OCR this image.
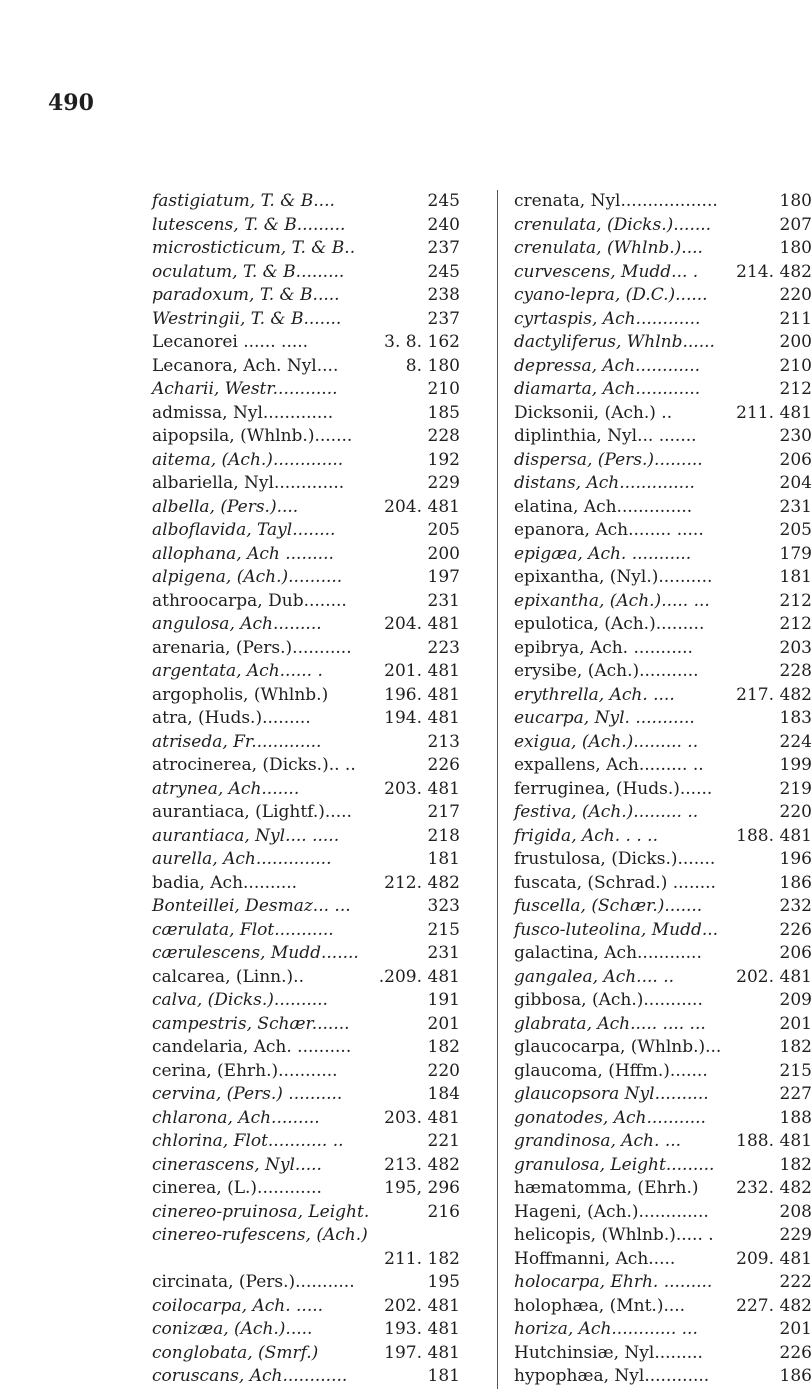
490
fastigiatum, T. & B....	245
lutescens, T. & B.........	240
microsticticum, T. & B..	237
oculatum, T. & B.........	245
paradoxum, T. & B.....	238
Westringii, T. & B.......	237
Lecanorei ...... .....	3. 8. 162
Lecanora, Ach. Nyl....	8. 180
Acharii, Westr............	210
admissa, Nyl.............	185
aipopsila, (Whlnb.).......	228
aitema, (Ach.).............	192
albariella, Nyl.............	229
albella, (Pers.)....	204. 481
alboflavida, Tayl........	205
allophana, Ach .........	200
alpigena, (Ach.)..........	197
athroocarpa, Dub........	231
angulosa, Ach.........	204. 481
arenaria, (Pers.)...........	223
argentata, Ach...... .	201. 481
argopholis, (Whlnb.)	196. 481
atra, (Huds.).........	194. 481
atriseda, Fr.............	213
atrocinerea, (Dicks.).. ..	226
atrynea, Ach.......	203. 481
aurantiaca, (Lightf.).....	217
aurantiaca, Nyl.... .....	218
aurella, Ach..............	181
badia, Ach..........	212. 482
Bonteillei, Desmaz... ...	323
cærulata, Flot...........	215
cærulescens, Mudd.......	231
calcarea, (Linn.)..	.209. 481
calva, (Dicks.)..........	191
campestris, Schær.......	201
candelaria, Ach. ..........	182
cerina, (Ehrh.)...........	220
cervina, (Pers.) ..........	184
chlarona, Ach.........	203. 481
chlorina, Flot........... ..	221
cinerascens, Nyl.....	213. 482
cinerea, (L.)............	195, 296
cinereo-pruinosa, Leight.	216
cinereo-rufescens, (Ach.)
211. 182
circinata, (Pers.)...........	195
coilocarpa, Ach. .....	202. 481
conizæa, (Ach.).....	193. 481
conglobata, (Smrf.)	197. 481
coruscans, Ach............	181
crenata, Nyl..................	180
crenulata, (Dicks.).......	207
crenulata, (Whlnb.)....	180
curvescens, Mudd... . 214. 482
cyano-lepra, (D.C.)......	220
cyrtaspis, Ach............	211
dactyliferus, Whlnb......	200
depressa, Ach............	210
diamarta, Ach............	212
Dicksonii, (Ach.) ..	211. 481
diplinthia, Nyl... .......	230
dispersa, (Pers.).........	206
distans, Ach..............	204
elatina, Ach..............	231
epanora, Ach........ .....	205
epigæa, Ach. ...........	179
epixantha, (Nyl.)..........	181
epixantha, (Ach.)..... ...	212
epulotica, (Ach.).........	212
epibrya, Ach. ...........	203
erysibe, (Ach.)...........	228
erythrella, Ach. ....	217. 482
eucarpa, Nyl. ...........	183
exigua, (Ach.)......... ..	224
expallens, Ach......... ..	199
ferruginea, (Huds.)......	219
festiva, (Ach.)......... ..	220
frigida, Ach. . . ..	188. 481
frustulosa, (Dicks.).......	196
fuscata, (Schrad.) ........	186
fuscella, (Schær.).......	232
fusco-luteolina, Mudd...	226
galactina, Ach............	206
gangalea, Ach.... ..	202. 481
gibbosa, (Ach.)...........	209
glabrata, Ach..... .... ...	201
glaucocarpa, (Whlnb.)...	182
glaucoma, (Hffm.).......	215
glaucopsora Nyl..........	227
gonatodes, Ach...........	188
grandinosa, Ach. ...	188. 481
granulosa, Leight.........	182
hæmatomma, (Ehrh.) 232. 482
Hageni, (Ach.).............	208
helicopis, (Whlnb.)..... .	229
Hoffmanni, Ach.....	209. 481
holocarpa, Ehrh. .........	222
holophæa, (Mnt.)....	227. 482
horiza, Ach............ ...	201
Hutchinsiæ, Nyl.........	226
hypophæa, Nyl............	186
